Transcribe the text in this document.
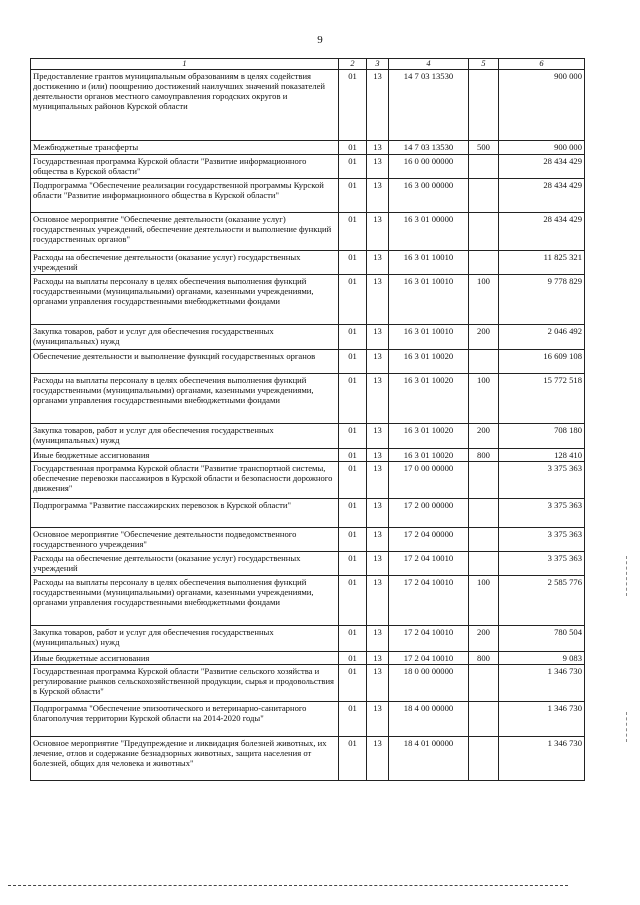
9
1	2	3	4	5	6
Предоставление грантов муниципальным образованиям в целях содействия достижению и (или) поощрению достижений наилучших значений показателей деятельности органов местного самоуправления городских округов и муниципальных районов Курской области	01	13	14 7 03 13530		900 000
Межбюджетные трансферты	01	13	14 7 03 13530	500	900 000
Государственная программа Курской области "Развитие информационного общества в Курской области"	01	13	16 0 00 00000		28 434 429
Подпрограмма "Обеспечение реализации государственной программы Курской области "Развитие информационного общества в Курской области"	01	13	16 3 00 00000		28 434 429
Основное мероприятие "Обеспечение деятельности (оказание услуг) государственных учреждений, обеспечение деятельности и выполнение функций государственных органов"	01	13	16 3 01 00000		28 434 429
Расходы на обеспечение деятельности (оказание услуг) государственных учреждений	01	13	16 3 01 10010		11 825 321
Расходы на выплаты персоналу в целях обеспечения выполнения функций государственными (муниципальными) органами, казенными учреждениями, органами управления государственными внебюджетными фондами	01	13	16 3 01 10010	100	9 778 829
Закупка товаров, работ и услуг для обеспечения государственных (муниципальных) нужд	01	13	16 3 01 10010	200	2 046 492
Обеспечение деятельности и выполнение функций государственных органов	01	13	16 3 01 10020		16 609 108
Расходы на выплаты персоналу в целях обеспечения выполнения функций государственными (муниципальными) органами, казенными учреждениями, органами управления государственными внебюджетными фондами	01	13	16 3 01 10020	100	15 772 518
Закупка товаров, работ и услуг для обеспечения государственных (муниципальных) нужд	01	13	16 3 01 10020	200	708 180
Иные бюджетные ассигнования	01	13	16 3 01 10020	800	128 410
Государственная программа Курской области "Развитие транспортной системы, обеспечение перевозки пассажиров в Курской области и безопасности дорожного движения"	01	13	17 0 00 00000		3 375 363
Подпрограмма "Развитие пассажирских перевозок в Курской области"	01	13	17 2 00 00000		3 375 363
Основное мероприятие "Обеспечение деятельности подведомственного государственного учреждения"	01	13	17 2 04 00000		3 375 363
Расходы на обеспечение деятельности (оказание услуг) государственных учреждений	01	13	17 2 04 10010		3 375 363
Расходы на выплаты персоналу в целях обеспечения выполнения функций государственными (муниципальными) органами, казенными учреждениями, органами управления государственными внебюджетными фондами	01	13	17 2 04 10010	100	2 585 776
Закупка товаров, работ и услуг для обеспечения государственных (муниципальных) нужд	01	13	17 2 04 10010	200	780 504
Иные бюджетные ассигнования	01	13	17 2 04 10010	800	9 083
Государственная программа Курской области "Развитие сельского хозяйства и регулирование рынков сельскохозяйственной продукции, сырья и продовольствия в Курской области"	01	13	18 0 00 00000		1 346 730
Подпрограмма "Обеспечение эпизоотического и ветеринарно-санитарного благополучия территории Курской области на 2014-2020 годы"	01	13	18 4 00 00000		1 346 730
Основное мероприятие "Предупреждение и ликвидация болезней животных, их лечение, отлов и содержание безнадзорных животных, защита населения от болезней, общих для человека и животных"	01	13	18 4 01 00000		1 346 730
